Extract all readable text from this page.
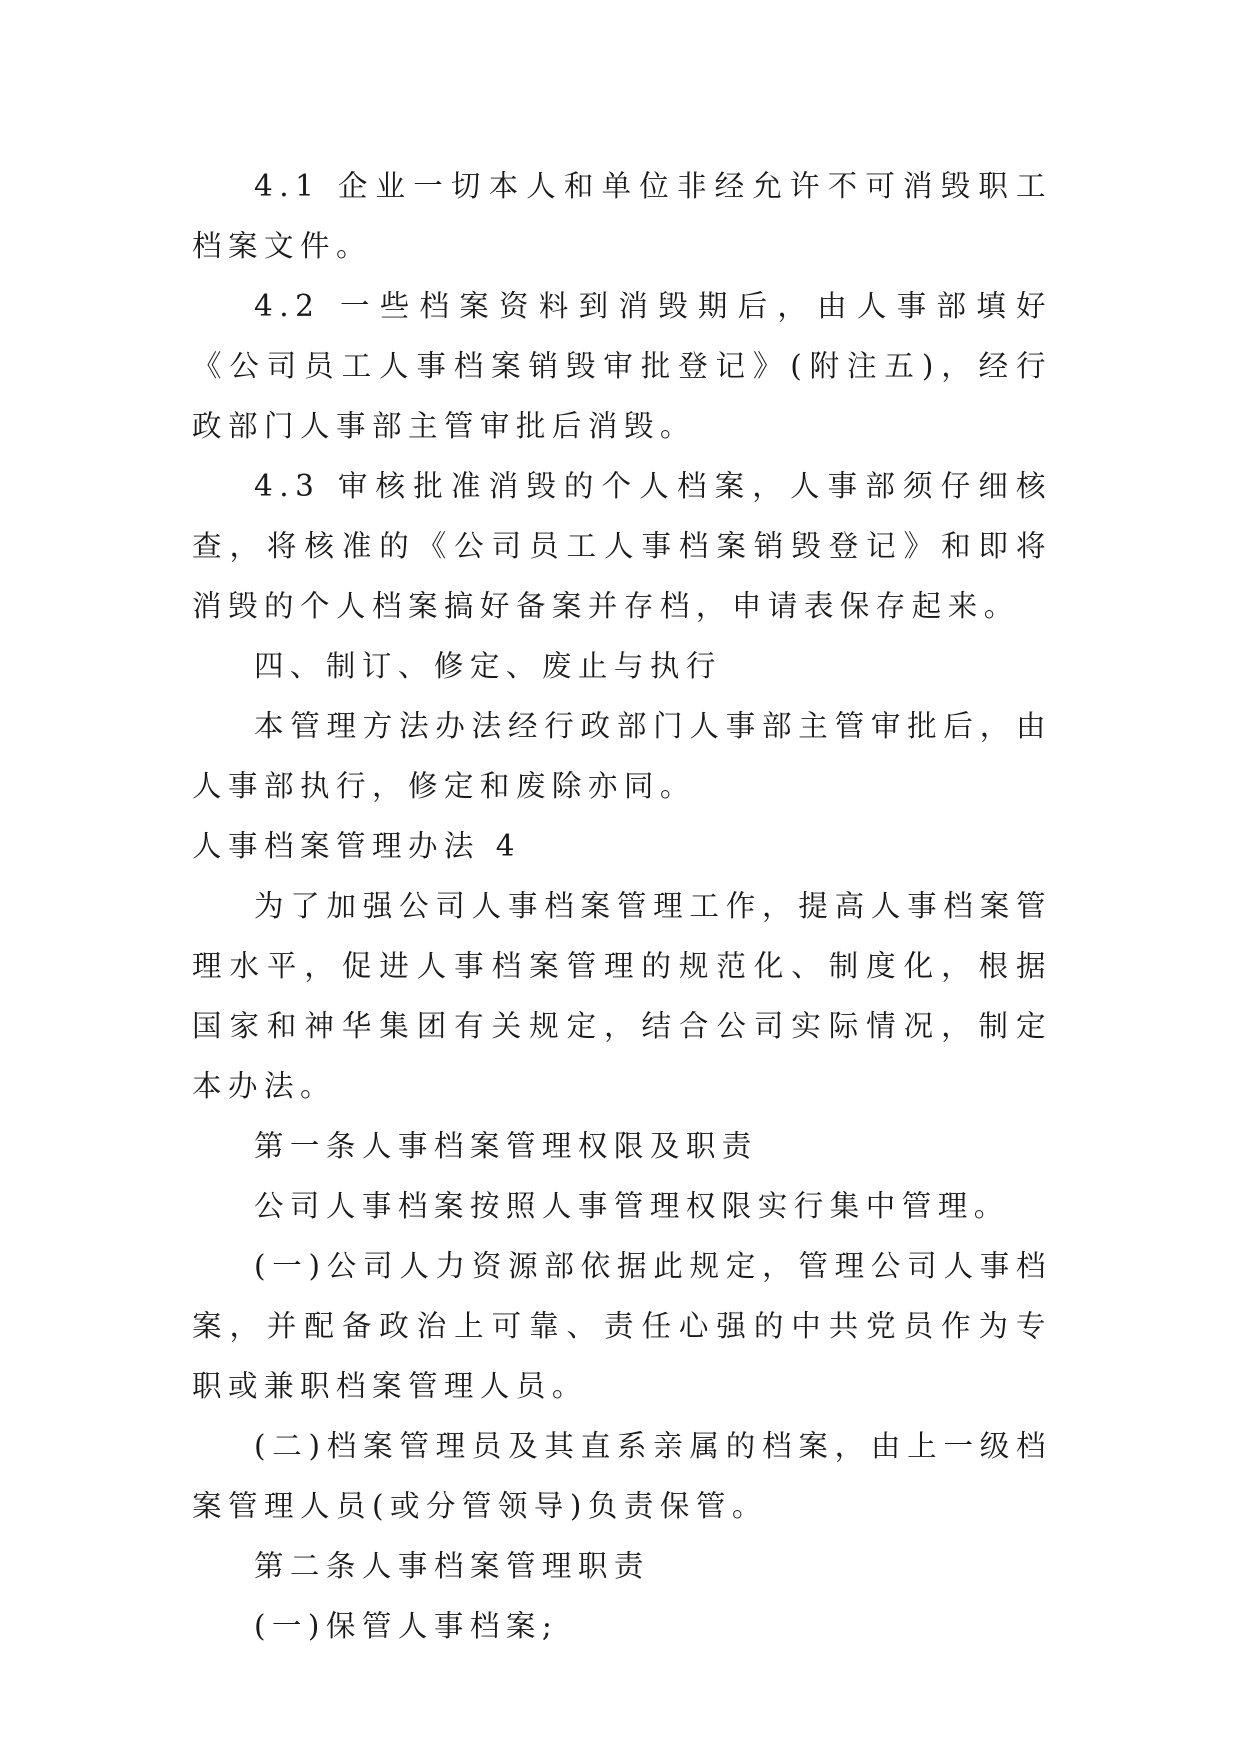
4.1 企业一切本人和单位非经允许不可消毁职工档案文件。

4.2 一些档案资料到消毁期后，由人事部填好《公司员工人事档案销毁审批登记》(附注五)，经行政部门人事部主管审批后消毁。

4.3 审核批准消毁的个人档案，人事部须仔细核查，将核准的《公司员工人事档案销毁登记》和即将消毁的个人档案搞好备案并存档，申请表保存起来。

四、制订、修定、废止与执行

本管理方法办法经行政部门人事部主管审批后，由人事部执行，修定和废除亦同。

人事档案管理办法 4

为了加强公司人事档案管理工作，提高人事档案管理水平，促进人事档案管理的规范化、制度化，根据国家和神华集团有关规定，结合公司实际情况，制定本办法。

第一条人事档案管理权限及职责

公司人事档案按照人事管理权限实行集中管理。

(一)公司人力资源部依据此规定，管理公司人事档案，并配备政治上可靠、责任心强的中共党员作为专职或兼职档案管理人员。

(二)档案管理员及其直系亲属的档案，由上一级档案管理人员(或分管领导)负责保管。

第二条人事档案管理职责

(一)保管人事档案;
